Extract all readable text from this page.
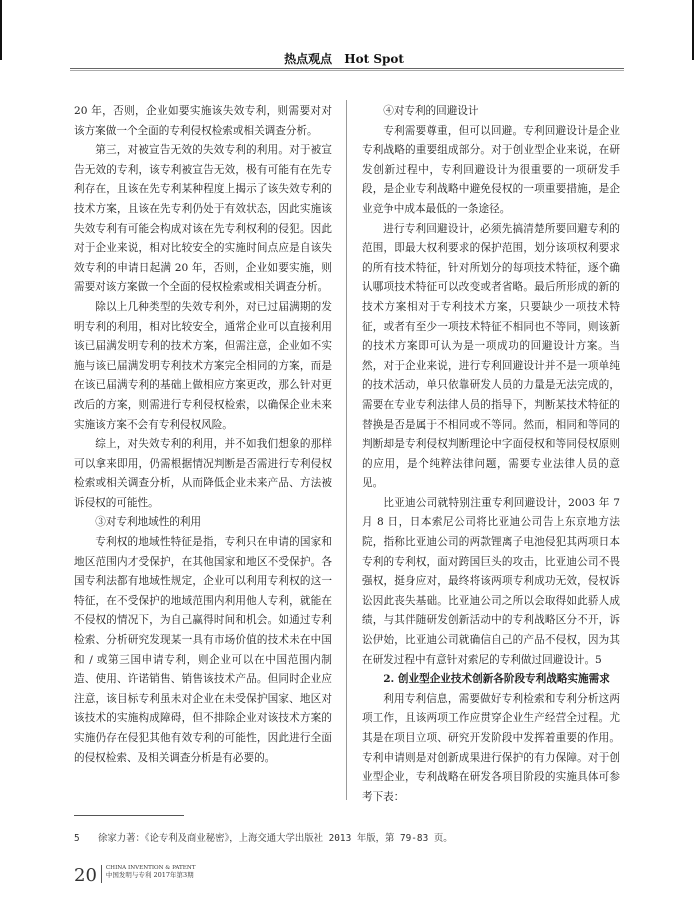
热点观点 Hot Spot

20 年，否则，企业如要实施该失效专利，则需要对对该方案做一个全面的专利侵权检索或相关调查分析。

第三，对被宣告无效的失效专利的利用。对于被宣告无效的专利，该专利被宣告无效，极有可能有在先专利存在，且该在先专利某种程度上揭示了该失效专利的技术方案，且该在先专利仍处于有效状态，因此实施该失效专利有可能会构成对该在先专利权利的侵犯。因此对于企业来说，相对比较安全的实施时间点应是自该失效专利的申请日起满 20 年，否则，企业如要实施，则需要对该方案做一个全面的侵权检索或相关调查分析。

除以上几种类型的失效专利外，对已过届满期的发明专利的利用，相对比较安全，通常企业可以直接利用该已届满发明专利的技术方案，但需注意，企业如不实施与该已届满发明专利技术方案完全相同的方案，而是在该已届满专利的基础上做相应方案更改，那么针对更改后的方案，则需进行专利侵权检索，以确保企业未来实施该方案不会有专利侵权风险。

综上，对失效专利的利用，并不如我们想象的那样可以拿来即用，仍需根据情况判断是否需进行专利侵权检索或相关调查分析，从而降低企业未来产品、方法被诉侵权的可能性。

③对专利地域性的利用

专利权的地域性特征是指，专利只在申请的国家和地区范围内才受保护，在其他国家和地区不受保护。各国专利法都有地域性规定，企业可以利用专利权的这一特征，在不受保护的地域范围内利用他人专利，就能在不侵权的情况下，为自己赢得时间和机会。如通过专利检索、分析研究发现某一具有市场价值的技术未在中国和 / 或第三国申请专利，则企业可以在中国范围内制造、使用、许诺销售、销售该技术产品。但同时企业应注意，该目标专利虽未对企业在未受保护国家、地区对该技术的实施构成障碍，但不排除企业对该技术方案的实施仍存在侵犯其他有效专利的可能性，因此进行全面的侵权检索、及相关调查分析是有必要的。

④对专利的回避设计

专利需要尊重，但可以回避。专利回避设计是企业专利战略的重要组成部分。对于创业型企业来说，在研发创新过程中，专利回避设计为很重要的一项研发手段，是企业专利战略中避免侵权的一项重要措施，是企业竞争中成本最低的一条途径。

进行专利回避设计，必须先搞清楚所要回避专利的范围，即最大权利要求的保护范围，划分该项权利要求的所有技术特征，针对所划分的每项技术特征，逐个确认哪项技术特征可以改变或者省略。最后所形成的新的技术方案相对于专利技术方案，只要缺少一项技术特征，或者有至少一项技术特征不相同也不等同，则该新的技术方案即可认为是一项成功的回避设计方案。当然，对于企业来说，进行专利回避设计并不是一项单纯的技术活动，单只依靠研发人员的力量是无法完成的，需要在专业专利法律人员的指导下，判断某技术特征的替换是否是属于不相同或不等同。然而，相同和等同的判断却是专利侵权判断理论中字面侵权和等同侵权原则的应用，是个纯粹法律问题，需要专业法律人员的意见。

比亚迪公司就特别注重专利回避设计，2003 年 7 月 8 日，日本索尼公司将比亚迪公司告上东京地方法院，指称比亚迪公司的两款锂离子电池侵犯其两项日本专利的专利权，面对跨国巨头的攻击，比亚迪公司不畏强权，挺身应对，最终将该两项专利成功无效，侵权诉讼因此丧失基础。比亚迪公司之所以会取得如此骄人成绩，与其伴随研发创新活动中的专利战略区分不开，诉讼伊始，比亚迪公司就确信自己的产品不侵权，因为其在研发过程中有意针对索尼的专利做过回避设计。5

2. 创业型企业技术创新各阶段专利战略实施需求

利用专利信息，需要做好专利检索和专利分析这两项工作，且该两项工作应贯穿企业生产经营全过程。尤其是在项目立项、研究开发阶段中发挥着重要的作用。专利申请则是对创新成果进行保护的有力保障。对于创业型企业，专利战略在研发各项目阶段的实施具体可参考下表：

5 徐家力著：《论专利及商业秘密》，上海交通大学出版社 2013 年版，第 79-83 页。
20 CHINA INVENTION & PATENT
中国发明与专利 2017年第3期
